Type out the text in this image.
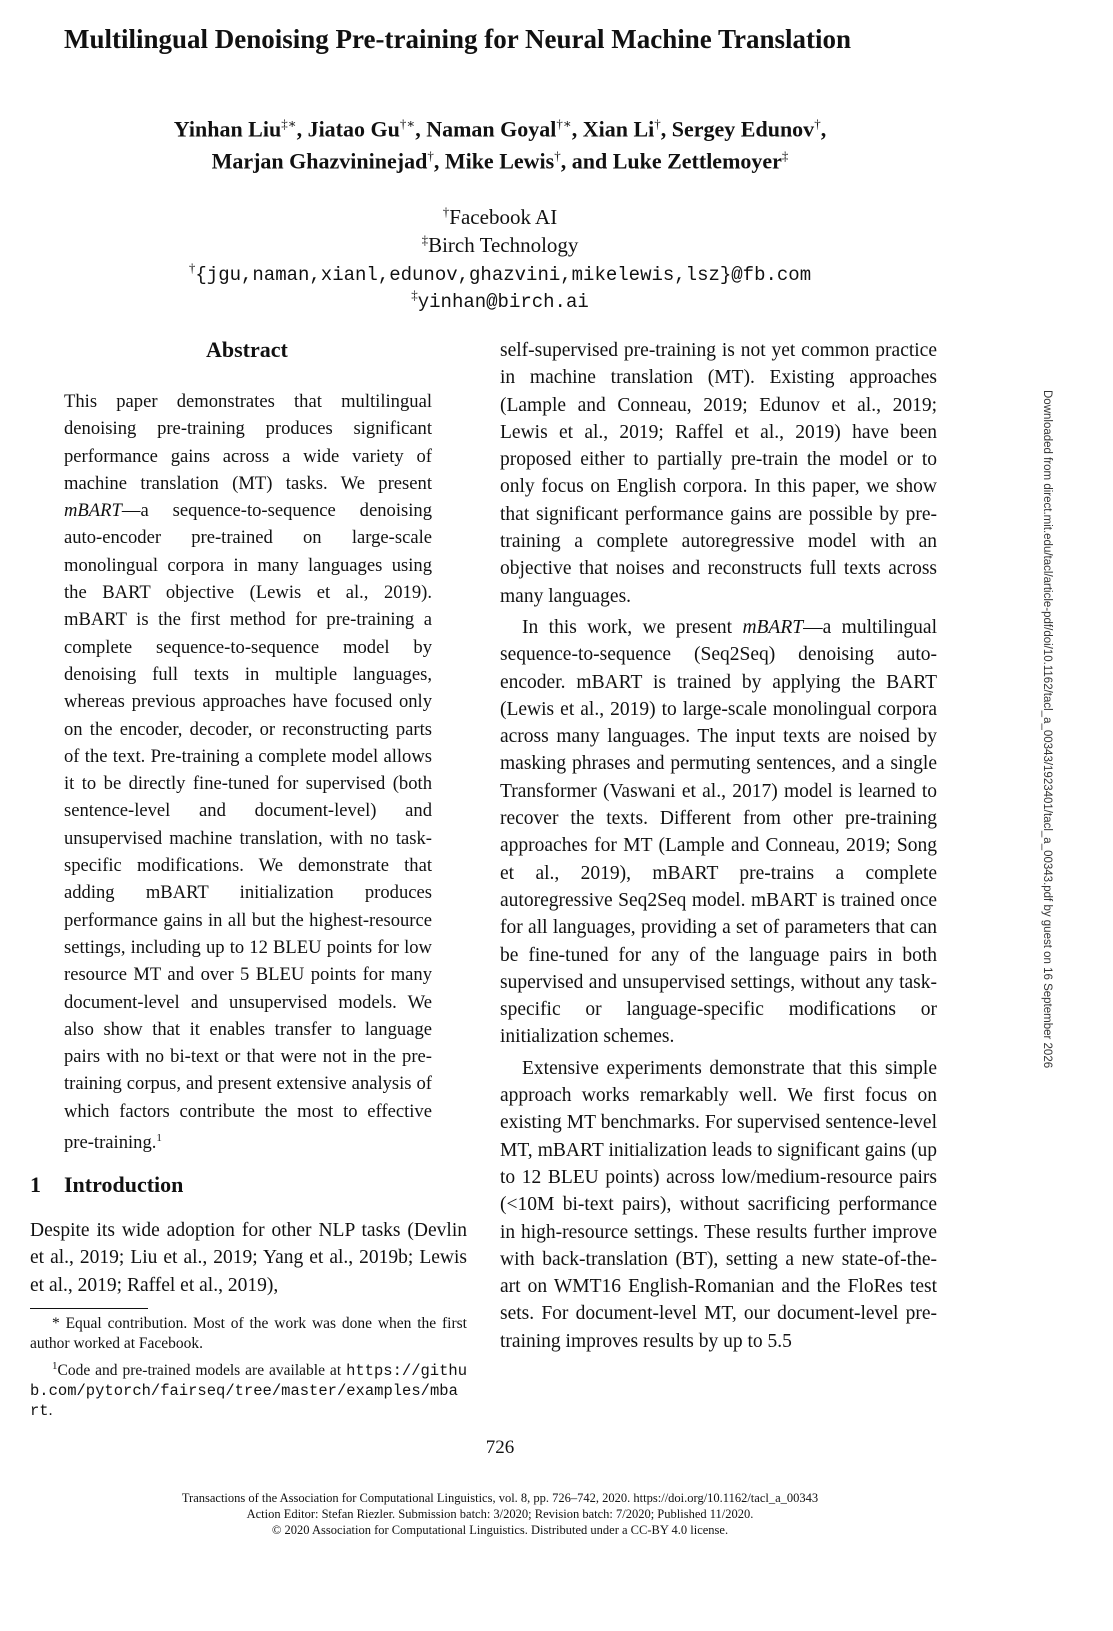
Multilingual Denoising Pre-training for Neural Machine Translation
Yinhan Liu‡∗, Jiatao Gu†∗, Naman Goyal†∗, Xian Li†, Sergey Edunov†,
Marjan Ghazvininejad†, Mike Lewis†, and Luke Zettlemoyer‡
†Facebook AI
‡Birch Technology
†{jgu,naman,xianl,edunov,ghazvini,mikelewis,lsz}@fb.com
‡yinhan@birch.ai
Abstract
This paper demonstrates that multilingual denoising pre-training produces significant performance gains across a wide variety of machine translation (MT) tasks. We present mBART—a sequence-to-sequence denoising auto-encoder pre-trained on large-scale monolingual corpora in many languages using the BART objective (Lewis et al., 2019). mBART is the first method for pre-training a complete sequence-to-sequence model by denoising full texts in multiple languages, whereas previous approaches have focused only on the encoder, decoder, or reconstructing parts of the text. Pre-training a complete model allows it to be directly fine-tuned for supervised (both sentence-level and document-level) and unsupervised machine translation, with no task-specific modifications. We demonstrate that adding mBART initialization produces performance gains in all but the highest-resource settings, including up to 12 BLEU points for low resource MT and over 5 BLEU points for many document-level and unsupervised models. We also show that it enables transfer to language pairs with no bi-text or that were not in the pre-training corpus, and present extensive analysis of which factors contribute the most to effective pre-training.$^1$
1 Introduction
Despite its wide adoption for other NLP tasks (Devlin et al., 2019; Liu et al., 2019; Yang et al., 2019b; Lewis et al., 2019; Raffel et al., 2019),

* Equal contribution. Most of the work was done when the first author worked at Facebook.

$^1$Code and pre-trained models are available at https://github.com/pytorch/fairseq/tree/master/examples/mbart.

self-supervised pre-training is not yet common practice in machine translation (MT). Existing approaches (Lample and Conneau, 2019; Edunov et al., 2019; Lewis et al., 2019; Raffel et al., 2019) have been proposed either to partially pre-train the model or to only focus on English corpora. In this paper, we show that significant performance gains are possible by pre-training a complete autoregressive model with an objective that noises and reconstructs full texts across many languages.

In this work, we present mBART—a multilingual sequence-to-sequence (Seq2Seq) denoising auto-encoder. mBART is trained by applying the BART (Lewis et al., 2019) to large-scale monolingual corpora across many languages. The input texts are noised by masking phrases and permuting sentences, and a single Transformer (Vaswani et al., 2017) model is learned to recover the texts. Different from other pre-training approaches for MT (Lample and Conneau, 2019; Song et al., 2019), mBART pre-trains a complete autoregressive Seq2Seq model. mBART is trained once for all languages, providing a set of parameters that can be fine-tuned for any of the language pairs in both supervised and unsupervised settings, without any task-specific or language-specific modifications or initialization schemes.

Extensive experiments demonstrate that this simple approach works remarkably well. We first focus on existing MT benchmarks. For supervised sentence-level MT, mBART initialization leads to significant gains (up to 12 BLEU points) across low/medium-resource pairs (<10M bi-text pairs), without sacrificing performance in high-resource settings. These results further improve with back-translation (BT), setting a new state-of-the-art on WMT16 English-Romanian and the FloRes test sets. For document-level MT, our document-level pre-training improves results by up to 5.5

726
Transactions of the Association for Computational Linguistics, vol. 8, pp. 726–742, 2020. https://doi.org/10.1162/tacl_a_00343
Action Editor: Stefan Riezler. Submission batch: 3/2020; Revision batch: 7/2020; Published 11/2020.
© 2020 Association for Computational Linguistics. Distributed under a CC-BY 4.0 license.
Downloaded from direct.mit.edu/tacl/article-pdf/doi/10.1162/tacl_a_00343/1923401/tacl_a_00343.pdf by guest on 16 September 2026
